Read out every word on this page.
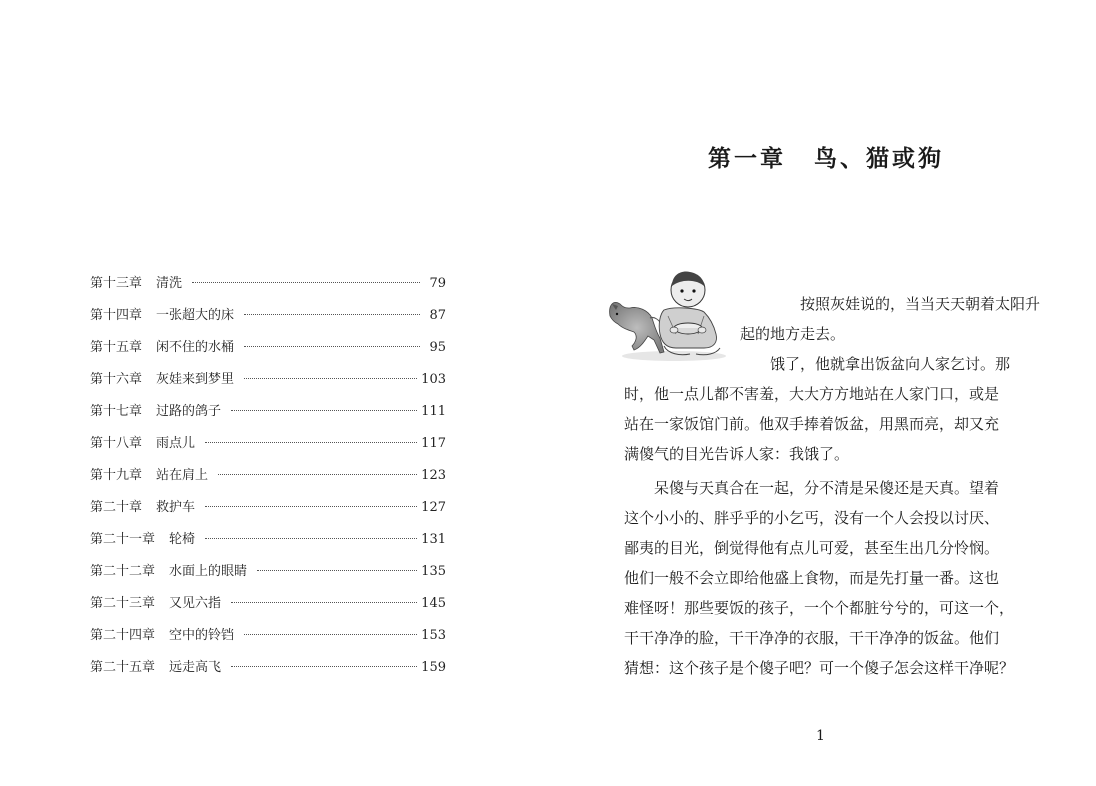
第十三章 清洗	79
第十四章 一张超大的床	87
第十五章 闲不住的水桶	95
第十六章 灰娃来到梦里	103
第十七章 过路的鸽子	111
第十八章 雨点儿	117
第十九章 站在肩上	123
第二十章 救护车	127
第二十一章 轮椅	131
第二十二章 水面上的眼睛	135
第二十三章 又见六指	145
第二十四章 空中的铃铛	153
第二十五章 远走高飞	159
第一章 鸟、猫或狗

按照灰娃说的，当当天天朝着太阳升
起的地方走去。

饿了，他就拿出饭盆向人家乞讨。那

时，他一点儿都不害羞，大大方方地站在人家门口，或是
站在一家饭馆门前。他双手捧着饭盆，用黑而亮，却又充
满傻气的目光告诉人家：我饿了。

呆傻与天真合在一起，分不清是呆傻还是天真。望着
这个小小的、胖乎乎的小乞丐，没有一个人会投以讨厌、
鄙夷的目光，倒觉得他有点儿可爱，甚至生出几分怜悯。
他们一般不会立即给他盛上食物，而是先打量一番。这也
难怪呀！那些要饭的孩子，一个个都脏兮兮的，可这一个，
干干净净的脸，干干净净的衣服，干干净净的饭盆。他们
猜想：这个孩子是个傻子吧？可一个傻子怎会这样干净呢？

1
